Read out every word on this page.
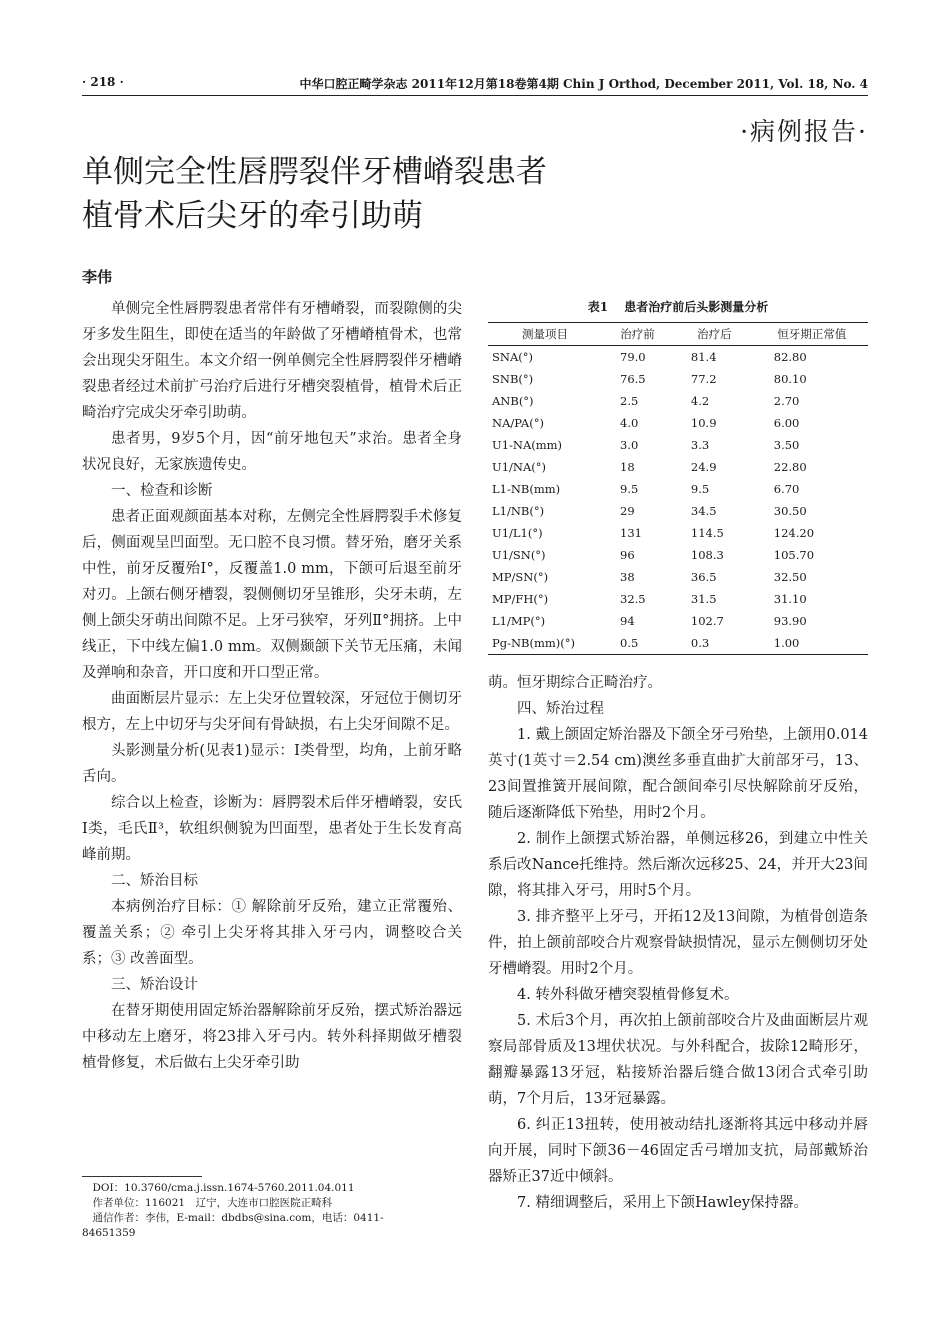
· 218 ·	中华口腔正畸学杂志 2011年12月第18卷第4期 Chin J Orthod, December 2011, Vol. 18, No. 4
·病例报告·
单侧完全性唇腭裂伴牙槽嵴裂患者
植骨术后尖牙的牵引助萌
李伟

单侧完全性唇腭裂患者常伴有牙槽嵴裂，而裂隙侧的尖牙多发生阻生，即使在适当的年龄做了牙槽嵴植骨术，也常会出现尖牙阻生。本文介绍一例单侧完全性唇腭裂伴牙槽嵴裂患者经过术前扩弓治疗后进行牙槽突裂植骨，植骨术后正畸治疗完成尖牙牵引助萌。

患者男，9岁5个月，因“前牙地包天”求治。患者全身状况良好，无家族遗传史。

一、检查和诊断

患者正面观颜面基本对称，左侧完全性唇腭裂手术修复后，侧面观呈凹面型。无口腔不良习惯。替牙殆，磨牙关系中性，前牙反覆殆Ⅰ°，反覆盖1.0 mm，下颌可后退至前牙对刃。上颌右侧牙槽裂，裂侧侧切牙呈锥形，尖牙未萌，左侧上颌尖牙萌出间隙不足。上牙弓狭窄，牙列Ⅱ°拥挤。上中线正，下中线左偏1.0 mm。双侧颞颌下关节无压痛，未闻及弹响和杂音，开口度和开口型正常。

曲面断层片显示：左上尖牙位置较深，牙冠位于侧切牙根方，左上中切牙与尖牙间有骨缺损，右上尖牙间隙不足。

头影测量分析(见表1)显示：Ⅰ类骨型，均角，上前牙略舌向。

综合以上检查，诊断为：唇腭裂术后伴牙槽嵴裂，安氏Ⅰ类，毛氏Ⅱ³，软组织侧貌为凹面型，患者处于生长发育高峰前期。

二、矫治目标

本病例治疗目标：① 解除前牙反殆，建立正常覆殆、覆盖关系；② 牵引上尖牙将其排入牙弓内，调整咬合关系；③ 改善面型。

三、矫治设计

在替牙期使用固定矫治器解除前牙反殆，摆式矫治器远中移动左上磨牙，将23排入牙弓内。转外科择期做牙槽裂植骨修复，术后做右上尖牙牵引助

DOI：10.3760/cma.j.issn.1674-5760.2011.04.011

作者单位：116021　辽宁，大连市口腔医院正畸科

通信作者：李伟，E-mail：dbdbs@sina.com，电话：0411-

84651359

表1 患者治疗前后头影测量分析
测量项目	治疗前	治疗后	恒牙期正常值
SNA(°)	79.0	81.4	82.80
SNB(°)	76.5	77.2	80.10
ANB(°)	2.5	4.2	2.70
NA/PA(°)	4.0	10.9	6.00
U1-NA(mm)	3.0	3.3	3.50
U1/NA(°)	18	24.9	22.80
L1-NB(mm)	9.5	9.5	6.70
L1/NB(°)	29	34.5	30.50
U1/L1(°)	131	114.5	124.20
U1/SN(°)	96	108.3	105.70
MP/SN(°)	38	36.5	32.50
MP/FH(°)	32.5	31.5	31.10
L1/MP(°)	94	102.7	93.90
Pg-NB(mm)(°)	0.5	0.3	1.00

萌。恒牙期综合正畸治疗。

四、矫治过程

1. 戴上颌固定矫治器及下颌全牙弓殆垫，上颌用0.014英寸(1英寸＝2.54 cm)澳丝多垂直曲扩大前部牙弓，13、23间置推簧开展间隙，配合颌间牵引尽快解除前牙反殆，随后逐渐降低下殆垫，用时2个月。

2. 制作上颌摆式矫治器，单侧远移26，到建立中性关系后改Nance托维持。然后渐次远移25、24，并开大23间隙，将其排入牙弓，用时5个月。

3. 排齐整平上牙弓，开拓12及13间隙，为植骨创造条件，拍上颌前部咬合片观察骨缺损情况，显示左侧侧切牙处牙槽嵴裂。用时2个月。

4. 转外科做牙槽突裂植骨修复术。

5. 术后3个月，再次拍上颌前部咬合片及曲面断层片观察局部骨质及13埋伏状况。与外科配合，拔除12畸形牙，翻瓣暴露13牙冠，粘接矫治器后缝合做13闭合式牵引助萌，7个月后，13牙冠暴露。

6. 纠正13扭转，使用被动结扎逐渐将其远中移动并唇向开展，同时下颌36－46固定舌弓增加支抗，局部戴矫治器矫正37近中倾斜。

7. 精细调整后，采用上下颌Hawley保持器。
